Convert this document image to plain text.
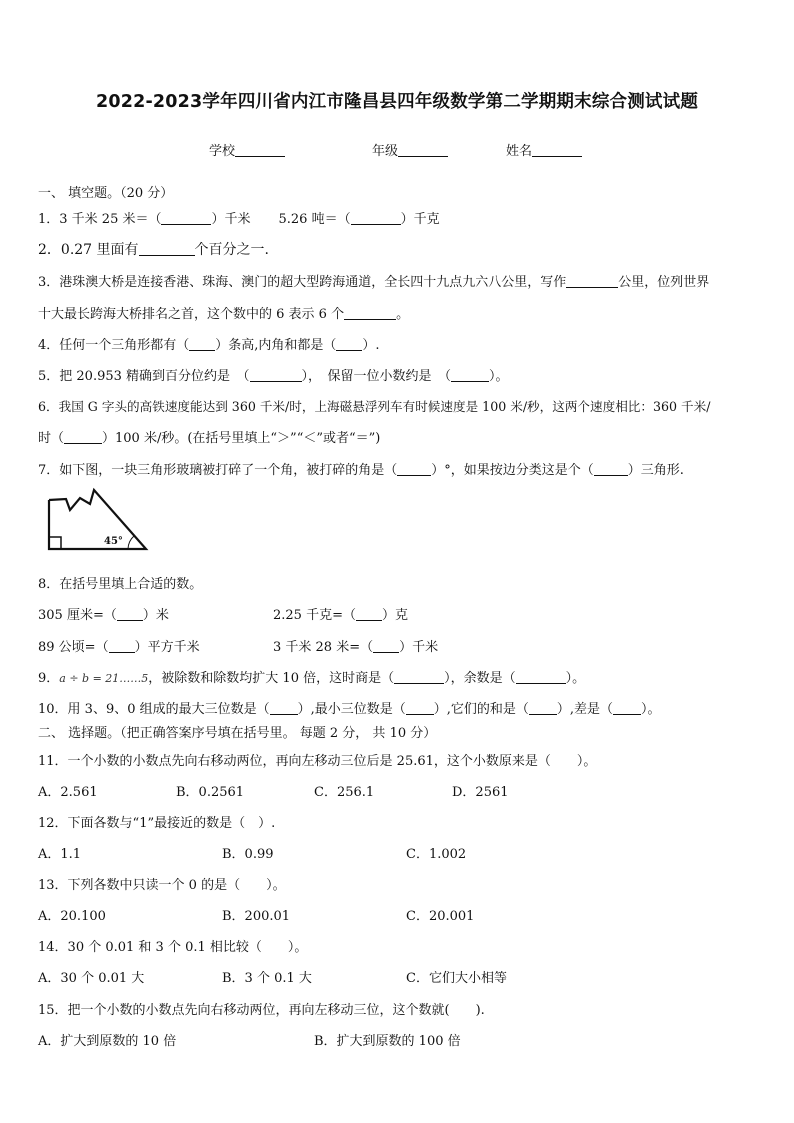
2022-2023学年四川省内江市隆昌县四年级数学第二学期期末综合测试试题
学校	年级	姓名
一、 填空题。（20 分）
1．3 千米 25 米＝（	）千米 5.26 吨＝（	）千克
2．0.27 里面有	个百分之一.
3．港珠澳大桥是连接香港、珠海、澳门的超大型跨海通道，全长四十九点九六八公里，写作	公里，位列世界
十大最长跨海大桥排名之首，这个数中的 6 表示 6 个	。
4．任何一个三角形都有（ ）条高,内角和都是（ ）.
5．把 20.953 精确到百分位约是　（	），　保留一位小数约是　（	）。
6．我国 G 字头的高铁速度能达到 360 千米/时，上海磁悬浮列车有时候速度是 100 米/秒，这两个速度相比：360 千米/
时（	）100 米/秒。(在括号里填上“＞”“＜”或者“＝”)
7．如下图，一块三角形玻璃被打碎了一个角，被打碎的角是（	）°，如果按边分类这是个（	）三角形.
45°
8．在括号里填上合适的数。
305 厘米=（ ）米	2.25 千克=（ ）克
89 公顷=（ ）平方千米	3 千米 28 米=（ ）千米
9．a ÷ b = 21……5，被除数和除数均扩大 10 倍，这时商是（	），余数是（	）。
10．用 3、9、0 组成的最大三位数是（ ）,最小三位数是（ ）,它们的和是（ ）,差是（ ）。
二、 选择题。（把正确答案序号填在括号里。 每题 2 分， 共 10 分）
11．一个小数的小数点先向右移动两位，再向左移动三位后是 25.61，这个小数原来是（　　）。
A．2.561	B．0.2561	C．256.1	D．2561
12．下面各数与“1”最接近的数是（　）.
A．1.1	B．0.99	C．1.002
13．下列各数中只读一个 0 的是（　　）。
A．20.100	B．200.01	C．20.001
14．30 个 0.01 和 3 个 0.1 相比较（　　）。
A．30 个 0.01 大	B．3 个 0.1 大	C．它们大小相等
15．把一个小数的小数点先向右移动两位，再向左移动三位，这个数就(　　).
A．扩大到原数的 10 倍	B．扩大到原数的 100 倍
